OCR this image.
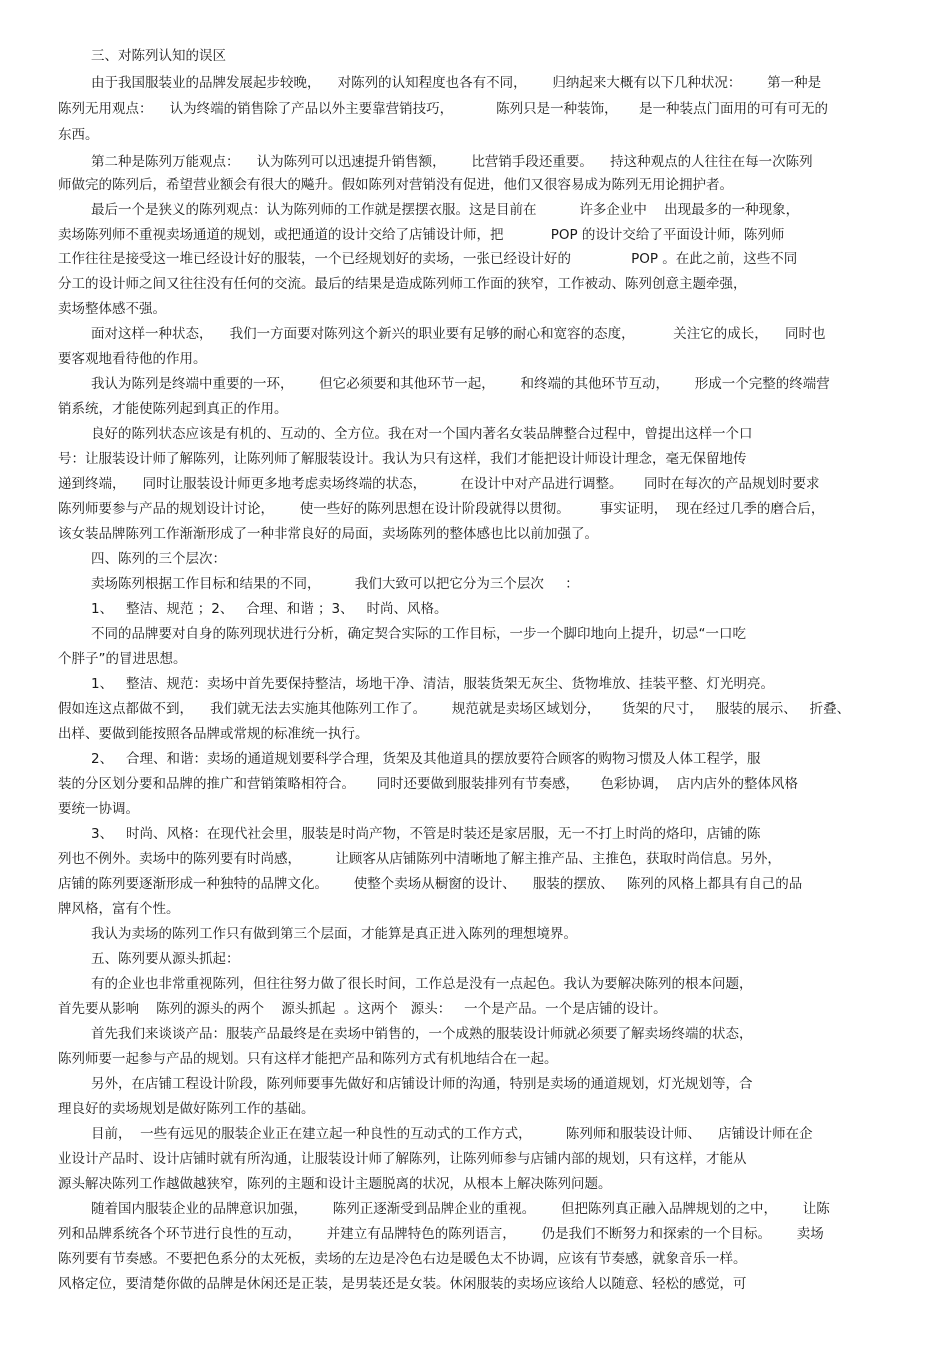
三、对陈列认知的误区

由于我国服装业的品牌发展起步较晚，    对陈列的认知程度也各有不同，      归纳起来大概有以下几种状况：      第一种是

陈列无用观点：    认为终端的销售除了产品以外主要靠营销技巧，          陈列只是一种装饰，     是一种装点门面用的可有可无的

东西。

第二种是陈列万能观点：    认为陈列可以迅速提升销售额，      比营销手段还重要。    持这种观点的人往往在每一次陈列

师做完的陈列后，希望营业额会有很大的飚升。假如陈列对营销没有促进，他们又很容易成为陈列无用论拥护者。

最后一个是狭义的陈列观点：认为陈列师的工作就是摆摆衣服。这是目前在          许多企业中    出现最多的一种现象，

卖场陈列师不重视卖场通道的规划，或把通道的设计交给了店铺设计师，把           POP 的设计交给了平面设计师，陈列师

工作往往是接受这一堆已经设计好的服装，一个已经规划好的卖场，一张已经设计好的              POP 。在此之前，这些不同

分工的设计师之间又往往没有任何的交流。最后的结果是造成陈列师工作面的狭窄，工作被动、陈列创意主题牵强，

卖场整体感不强。

面对这样一种状态，    我们一方面要对陈列这个新兴的职业要有足够的耐心和宽容的态度，         关注它的成长，    同时也

要客观地看待他的作用。

我认为陈列是终端中重要的一环，      但它必须要和其他环节一起，      和终端的其他环节互动，      形成一个完整的终端营

销系统，才能使陈列起到真正的作用。

良好的陈列状态应该是有机的、互动的、全方位。我在对一个国内著名女装品牌整合过程中，曾提出这样一个口

号：让服装设计师了解陈列，让陈列师了解服装设计。我认为只有这样，我们才能把设计师设计理念，毫无保留地传

递到终端，    同时让服装设计师更多地考虑卖场终端的状态，        在设计中对产品进行调整。     同时在每次的产品规划时要求

陈列师要参与产品的规划设计讨论，      使一些好的陈列思想在设计阶段就得以贯彻。       事实证明，  现在经过几季的磨合后，

该女装品牌陈列工作渐渐形成了一种非常良好的局面，卖场陈列的整体感也比以前加强了。

四、陈列的三个层次：

卖场陈列根据工作目标和结果的不同，        我们大致可以把它分为三个层次     ：

1、   整洁、规范 ；2、   合理、和谐 ；3、   时尚、风格。

不同的品牌要对自身的陈列现状进行分析，确定契合实际的工作目标，一步一个脚印地向上提升，切忌“一口吃

个胖子”的冒进思想。

1、   整洁、规范：卖场中首先要保持整洁，场地干净、清洁，服装货架无灰尘、货物堆放、挂装平整、灯光明亮。

假如连这点都做不到，    我们就无法去实施其他陈列工作了。      规范就是卖场区域划分，     货架的尺寸，   服装的展示、   折叠、

出样、要做到能按照各品牌或常规的标准统一执行。

2、   合理、和谐：卖场的通道规划要科学合理，货架及其他道具的摆放要符合顾客的购物习惯及人体工程学，服

装的分区划分要和品牌的推广和营销策略相符合。     同时还要做到服装排列有节奏感，     色彩协调，  店内店外的整体风格

要统一协调。

3、   时尚、风格：在现代社会里，服装是时尚产物，不管是时装还是家居服，无一不打上时尚的烙印，店铺的陈

列也不例外。卖场中的陈列要有时尚感，        让顾客从店铺陈列中清晰地了解主推产品、主推色，获取时尚信息。另外，

店铺的陈列要逐渐形成一种独特的品牌文化。      使整个卖场从橱窗的设计、    服装的摆放、   陈列的风格上都具有自己的品

牌风格，富有个性。

我认为卖场的陈列工作只有做到第三个层面，才能算是真正进入陈列的理想境界。

五、陈列要从源头抓起：

有的企业也非常重视陈列，但往往努力做了很长时间，工作总是没有一点起色。我认为要解决陈列的根本问题，

首先要从影响    陈列的源头的两个    源头抓起  。这两个   源头：   一个是产品。一个是店铺的设计。

首先我们来谈谈产品：服装产品最终是在卖场中销售的，一个成熟的服装设计师就必须要了解卖场终端的状态，

陈列师要一起参与产品的规划。只有这样才能把产品和陈列方式有机地结合在一起。

另外，在店铺工程设计阶段，陈列师要事先做好和店铺设计师的沟通，特别是卖场的通道规划，灯光规划等，合

理良好的卖场规划是做好陈列工作的基础。

目前，  一些有远见的服装企业正在建立起一种良性的互动式的工作方式，        陈列师和服装设计师、    店铺设计师在企

业设计产品时、设计店铺时就有所沟通，让服装设计师了解陈列，让陈列师参与店铺内部的规划，只有这样，才能从

源头解决陈列工作越做越狭窄，陈列的主题和设计主题脱离的状况，从根本上解决陈列问题。

随着国内服装企业的品牌意识加强，      陈列正逐渐受到品牌企业的重视。      但把陈列真正融入品牌规划的之中，      让陈

列和品牌系统各个环节进行良性的互动，      并建立有品牌特色的陈列语言，      仍是我们不断努力和探索的一个目标。      卖场

陈列要有节奏感。不要把色系分的太死板，卖场的左边是冷色右边是暖色太不协调，应该有节奏感，就象音乐一样。

风格定位，要清楚你做的品牌是休闲还是正装，是男装还是女装。休闲服装的卖场应该给人以随意、轻松的感觉，可
